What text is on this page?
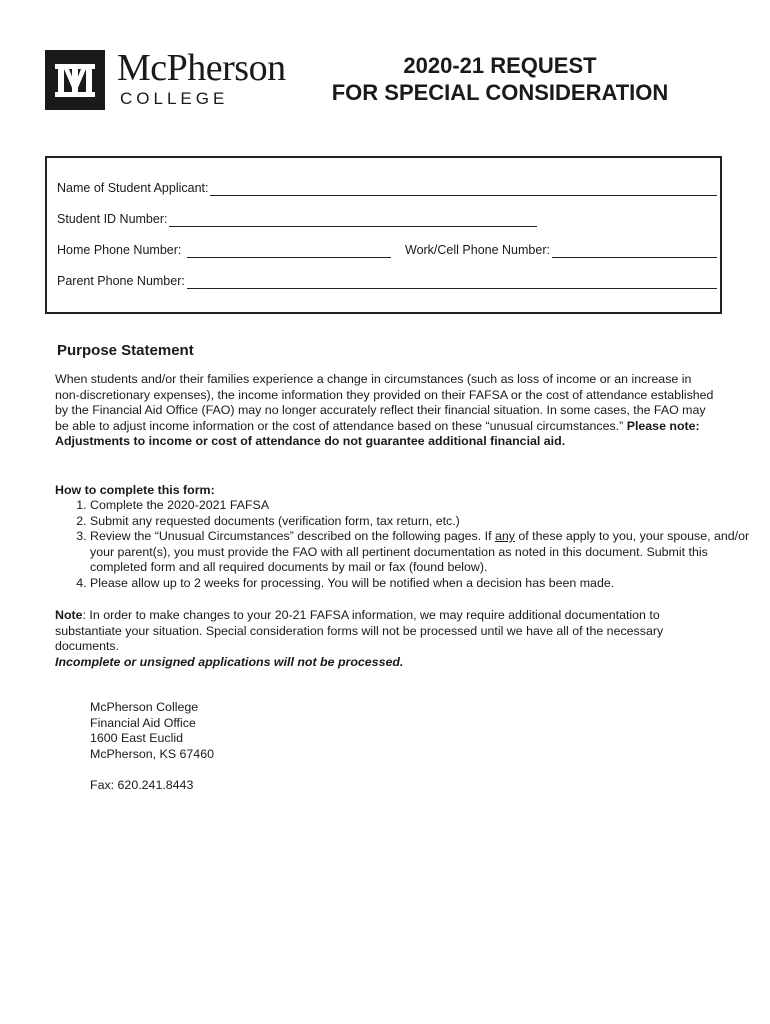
McPherson
COLLEGE
2020-21 REQUEST
FOR SPECIAL CONSIDERATION
Name of Student Applicant:
Student ID Number:
Home Phone Number:	Work/Cell Phone Number:
Parent Phone Number:
Purpose Statement
When students and/or their families experience a change in circumstances (such as loss of income or an increase in non-discretionary expenses), the income information they provided on their FAFSA or the cost of attendance established by the Financial Aid Office (FAO) may no longer accurately reflect their financial situation. In some cases, the FAO may be able to adjust income information or the cost of attendance based on these “unusual circumstances.” Please note: Adjustments to income or cost of attendance do not guarantee additional financial aid.
How to complete this form:
1. Complete the 2020-2021 FAFSA
2. Submit any requested documents (verification form, tax return, etc.)
3. Review the “Unusual Circumstances” described on the following pages. If any of these apply to you, your spouse, and/or your parent(s), you must provide the FAO with all pertinent documentation as noted in this document. Submit this completed form and all required documents by mail or fax (found below).
4. Please allow up to 2 weeks for processing. You will be notified when a decision has been made.
Note: In order to make changes to your 20-21 FAFSA information, we may require additional documentation to substantiate your situation. Special consideration forms will not be processed until we have all of the necessary documents.
Incomplete or unsigned applications will not be processed.
McPherson College
Financial Aid Office
1600 East Euclid
McPherson, KS 67460
Fax: 620.241.8443
